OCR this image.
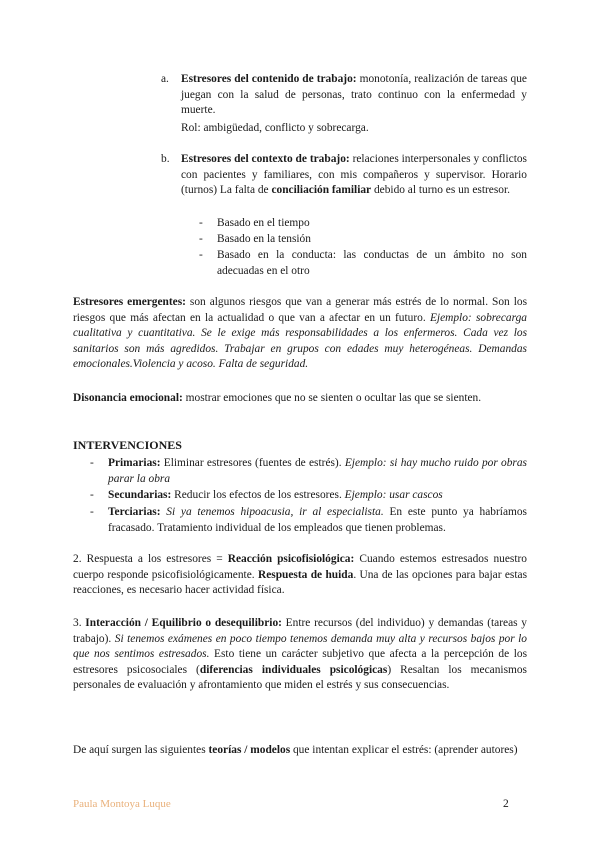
a. Estresores del contenido de trabajo: monotonía, realización de tareas que juegan con la salud de personas, trato continuo con la enfermedad y muerte.
Rol: ambigüedad, conflicto y sobrecarga.
b. Estresores del contexto de trabajo: relaciones interpersonales y conflictos con pacientes y familiares, con mis compañeros y supervisor. Horario (turnos) La falta de conciliación familiar debido al turno es un estresor.
- Basado en el tiempo
- Basado en la tensión
- Basado en la conducta: las conductas de un ámbito no son adecuadas en el otro
Estresores emergentes: son algunos riesgos que van a generar más estrés de lo normal. Son los riesgos que más afectan en la actualidad o que van a afectar en un futuro. Ejemplo: sobrecarga cualitativa y cuantitativa. Se le exige más responsabilidades a los enfermeros. Cada vez los sanitarios son más agredidos. Trabajar en grupos con edades muy heterogéneas. Demandas emocionales.Violencia y acoso. Falta de seguridad.
Disonancia emocional: mostrar emociones que no se sienten o ocultar las que se sienten.
INTERVENCIONES
- Primarias: Eliminar estresores (fuentes de estrés). Ejemplo: si hay mucho ruido por obras parar la obra
- Secundarias: Reducir los efectos de los estresores. Ejemplo: usar cascos
- Terciarias: Si ya tenemos hipoacusia, ir al especialista. En este punto ya habríamos fracasado. Tratamiento individual de los empleados que tienen problemas.
2. Respuesta a los estresores = Reacción psicofisiológica: Cuando estemos estresados nuestro cuerpo responde psicofisiológicamente. Respuesta de huida. Una de las opciones para bajar estas reacciones, es necesario hacer actividad física.
3. Interacción / Equilibrio o desequilibrio: Entre recursos (del individuo) y demandas (tareas y trabajo). Si tenemos exámenes en poco tiempo tenemos demanda muy alta y recursos bajos por lo que nos sentimos estresados. Esto tiene un carácter subjetivo que afecta a la percepción de los estresores psicosociales (diferencias individuales psicológicas) Resaltan los mecanismos personales de evaluación y afrontamiento que miden el estrés y sus consecuencias.
De aquí surgen las siguientes teorías / modelos que intentan explicar el estrés: (aprender autores)
Paula Montoya Luque	2
